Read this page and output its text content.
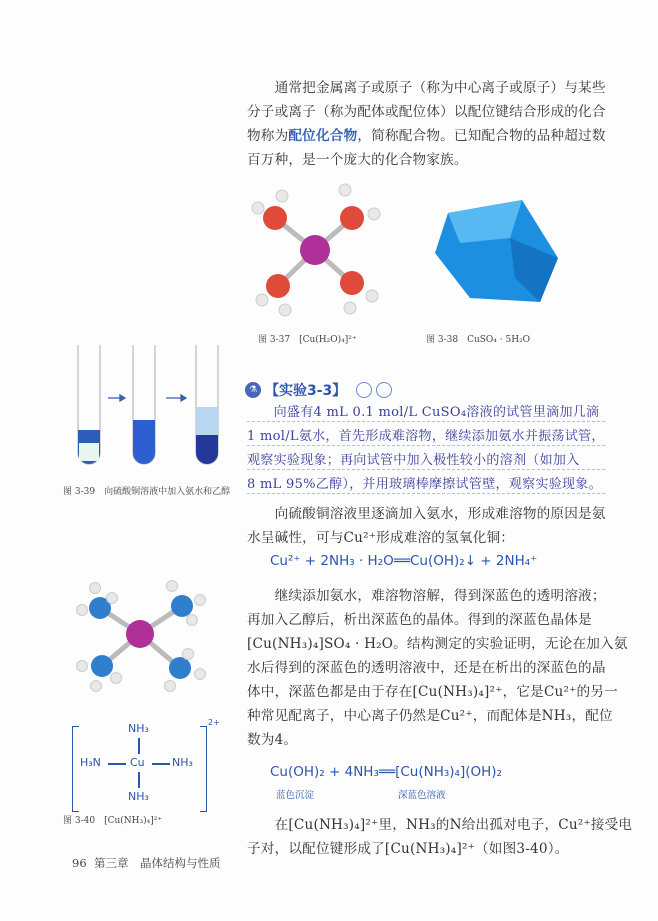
　　通常把金属离子或原子（称为中心离子或原子）与某些
分子或离子（称为配体或配位体）以配位键结合形成的化合
物称为配位化合物，简称配合物。已知配合物的品种超过数
百万种，是一个庞大的化合物家族。
图 3-37　[Cu(H₂O)₄]²⁺	图 3-38　CuSO₄ · 5H₂O
图 3-39　向硫酸铜溶液中加入氨水和乙醇
⚗ 【实验3-3】
　　向盛有4 mL 0.1 mol/L CuSO₄溶液的试管里滴加几滴
1 mol/L氨水，首先形成难溶物，继续添加氨水并振荡试管，
观察实验现象；再向试管中加入极性较小的溶剂（如加入
8 mL 95%乙醇），并用玻璃棒摩擦试管壁，观察实验现象。
　　向硫酸铜溶液里逐滴加入氨水，形成难溶物的原因是氨
水呈碱性，可与Cu²⁺形成难溶的氢氧化铜：
Cu²⁺ + 2NH₃ · H₂O══Cu(OH)₂↓ + 2NH₄⁺
　　继续添加氨水，难溶物溶解，得到深蓝色的透明溶液；
再加入乙醇后，析出深蓝色的晶体。得到的深蓝色晶体是
[Cu(NH₃)₄]SO₄ · H₂O。结构测定的实验证明，无论在加入氨
水后得到的深蓝色的透明溶液中，还是在析出的深蓝色的晶
体中，深蓝色都是由于存在[Cu(NH₃)₄]²⁺，它是Cu²⁺的另一
种常见配离子，中心离子仍然是Cu²⁺，而配体是NH₃，配位
数为4。
Cu(OH)₂ + 4NH₃══[Cu(NH₃)₄](OH)₂
蓝色沉淀	深蓝色溶液
　　在[Cu(NH₃)₄]²⁺里，NH₃的N给出孤对电子，Cu²⁺接受电
子对，以配位键形成了[Cu(NH₃)₄]²⁺（如图3-40）。
2+
NH₃
H₃N	Cu NH₃
NH₃
图 3-40　[Cu(NH₃)₄]²⁺
96 第三章　晶体结构与性质
